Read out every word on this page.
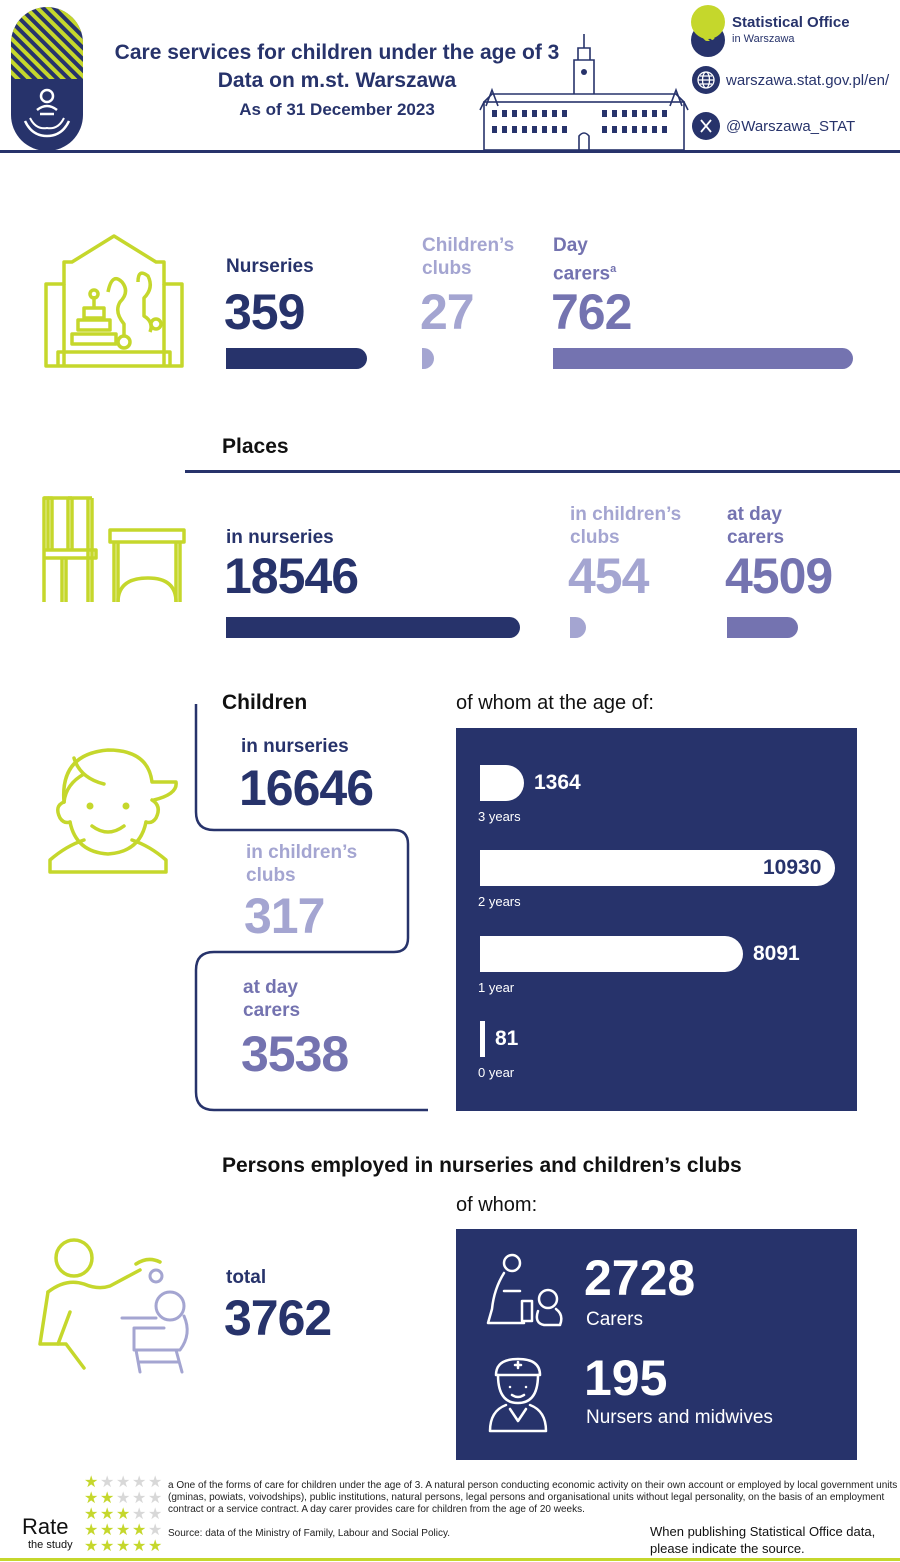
Care services for children under the age of 3
Data on m.st. Warszawa
As of 31 December 2023
Statistical Office
in Warszawa
warszawa.stat.gov.pl/en/
@Warszawa_STAT
Nurseries
359
Children’s
clubs
27
Day
carers$^a$
762
Places
in nurseries
18546
in children’s
clubs
454
at day
carers
4509
Children
in nurseries
16646
in children’s
clubs
317
at day
carers
3538
of whom at the age of:
1364
3 years
10930
2 years
8091
1 year
81
0 year
Persons employed in nurseries and children’s clubs
of whom:
total
3762
2728
Carers
195
Nursers and midwives
★ ★ ★ ★ ★
★ ★ ★ ★ ★
★ ★ ★ ★ ★
★ ★ ★ ★ ★
★ ★ ★ ★ ★
Rate
the study
a One of the forms of care for children under the age of 3. A natural person conducting economic activity on their own account or employed by local government units (gminas, powiats, voivodships), public institutions, natural persons, legal persons and organisational units without legal personality, on the basis of an employment contract or a service contract. A day carer provides care for children from the age of 20 weeks.
Source: data of the Ministry of Family, Labour and Social Policy.	When publishing Statistical Office data,
please indicate the source.
